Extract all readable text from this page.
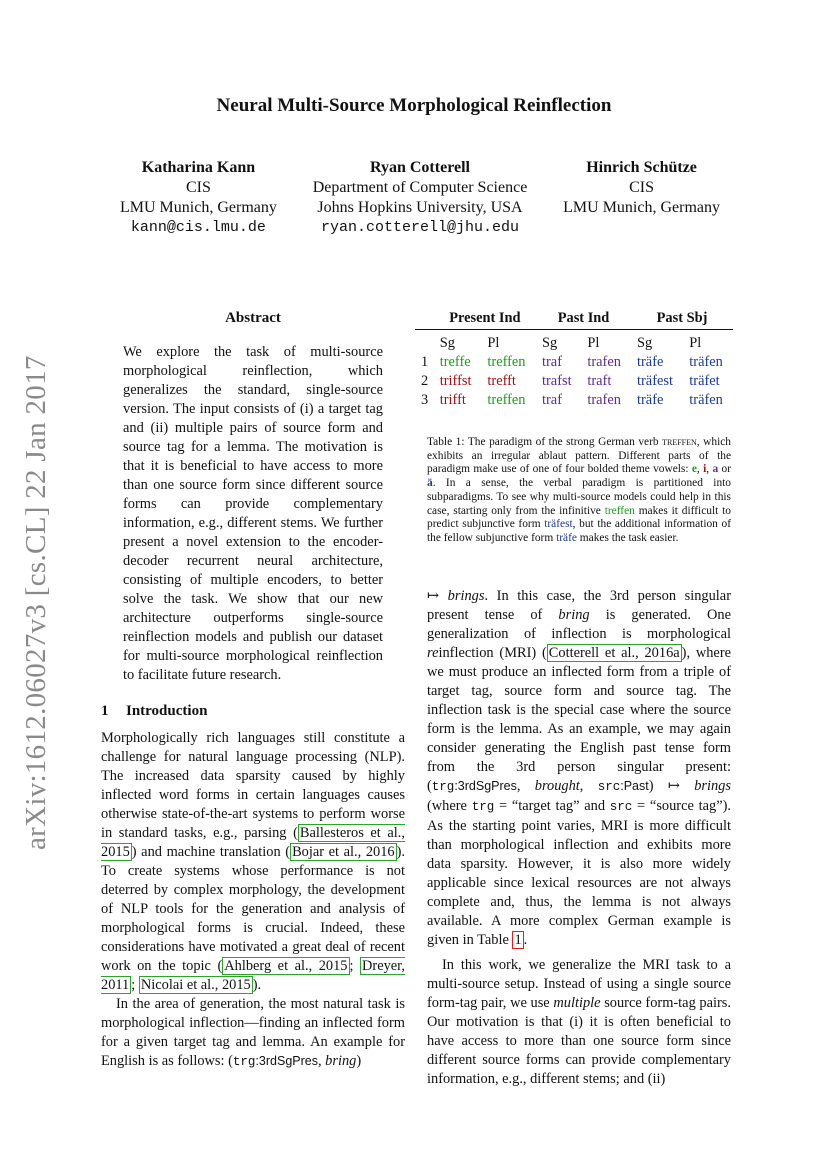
arXiv:1612.06027v3 [cs.CL] 22 Jan 2017
Neural Multi-Source Morphological Reinflection
Katharina Kann
CIS
LMU Munich, Germany
kann@cis.lmu.de
Ryan Cotterell
Department of Computer Science
Johns Hopkins University, USA
ryan.cotterell@jhu.edu
Hinrich Schütze
CIS
LMU Munich, Germany
Abstract

We explore the task of multi-source morphological reinflection, which generalizes the standard, single-source version. The input consists of (i) a target tag and (ii) multiple pairs of source form and source tag for a lemma. The motivation is that it is beneficial to have access to more than one source form since different source forms can provide complementary information, e.g., different stems. We further present a novel extension to the encoder-decoder recurrent neural architecture, consisting of multiple encoders, to better solve the task. We show that our new architecture outperforms single-source reinflection models and publish our dataset for multi-source morphological reinflection to facilitate future research.

1 Introduction

Morphologically rich languages still constitute a challenge for natural language processing (NLP). The increased data sparsity caused by highly inflected word forms in certain languages causes otherwise state-of-the-art systems to perform worse in standard tasks, e.g., parsing ( Ballesteros et al., 2015 ) and machine translation ( Bojar et al., 2016 ). To create systems whose performance is not deterred by complex morphology, the development of NLP tools for the generation and analysis of morphological forms is crucial. Indeed, these considerations have motivated a great deal of recent work on the topic ( Ahlberg et al., 2015 ; Dreyer, 2011 ; Nicolai et al., 2015 ).

In the area of generation, the most natural task is morphological inflection—finding an inflected form for a given target tag and lemma. An example for English is as follows: (trg:3rdSgPres, bring)

	Present Ind		Past Ind		Past Sbj	
	Sg	Pl	Sg	Pl	Sg	Pl
1	treffe	treffen	traf	trafen	träfe	träfen
2	triffst	trefft	trafst	traft	träfest	träfet
3	trifft	treffen	traf	trafen	träfe	träfen

Table 1: The paradigm of the strong German verb treffen, which exhibits an irregular ablaut pattern. Different parts of the paradigm make use of one of four bolded theme vowels: e, i, a or ä. In a sense, the verbal paradigm is partitioned into subparadigms. To see why multi-source models could help in this case, starting only from the infinitive treffen makes it difficult to predict subjunctive form träfest, but the additional information of the fellow subjunctive form träfe makes the task easier.

↦ brings. In this case, the 3rd person singular present tense of bring is generated. One generalization of inflection is morphological reinflection (MRI) ( Cotterell et al., 2016a ), where we must produce an inflected form from a triple of target tag, source form and source tag. The inflection task is the special case where the source form is the lemma. As an example, we may again consider generating the English past tense form from the 3rd person singular present: (trg:3rdSgPres, brought, src:Past) ↦ brings (where trg = “target tag” and src = “source tag”). As the starting point varies, MRI is more difficult than morphological inflection and exhibits more data sparsity. However, it is also more widely applicable since lexical resources are not always complete and, thus, the lemma is not always available. A more complex German example is given in Table 1 .

In this work, we generalize the MRI task to a multi-source setup. Instead of using a single source form-tag pair, we use multiple source form-tag pairs. Our motivation is that (i) it is often beneficial to have access to more than one source form since different source forms can provide complementary information, e.g., different stems; and (ii)
